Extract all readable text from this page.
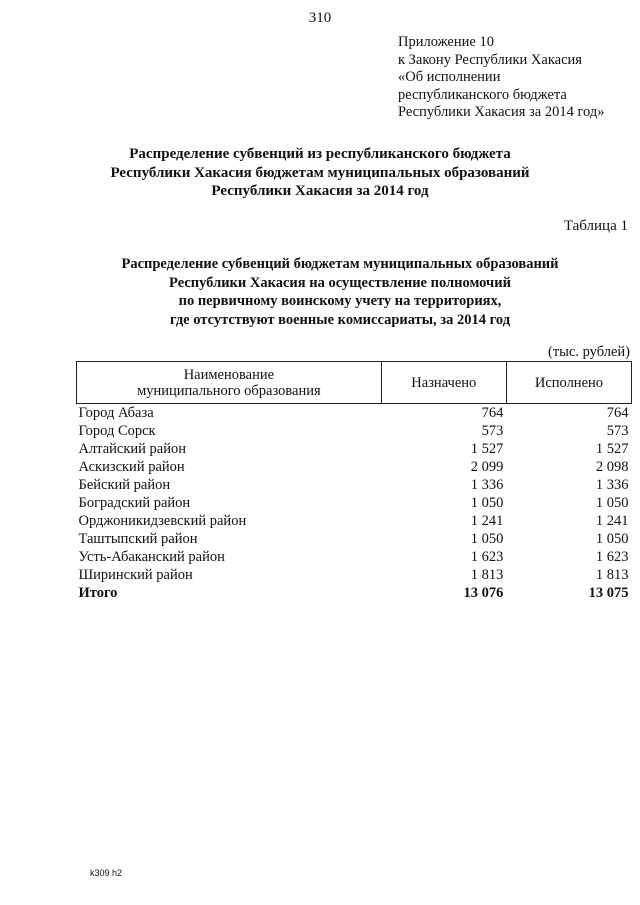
310
Приложение 10
к Закону Республики Хакасия
«Об исполнении
республиканского бюджета
Республики Хакасия за 2014 год»
Распределение субвенций из республиканского бюджета
Республики Хакасия бюджетам муниципальных образований
Республики Хакасия за 2014 год
Таблица 1
Распределение субвенций бюджетам муниципальных образований
Республики Хакасия на осуществление полномочий
по первичному воинскому учету на территориях,
где отсутствуют военные комиссариаты, за 2014 год
(тыс. рублей)
Наименование
муниципального образования	Назначено	Исполнено
Город Абаза	764	764
Город Сорск	573	573
Алтайский район	1 527	1 527
Аскизский район	2 099	2 098
Бейский район	1 336	1 336
Боградский район	1 050	1 050
Орджоникидзевский район	1 241	1 241
Таштыпский район	1 050	1 050
Усть-Абаканский район	1 623	1 623
Ширинский район	1 813	1 813
Итого	13 076	13 075
k309 h2
